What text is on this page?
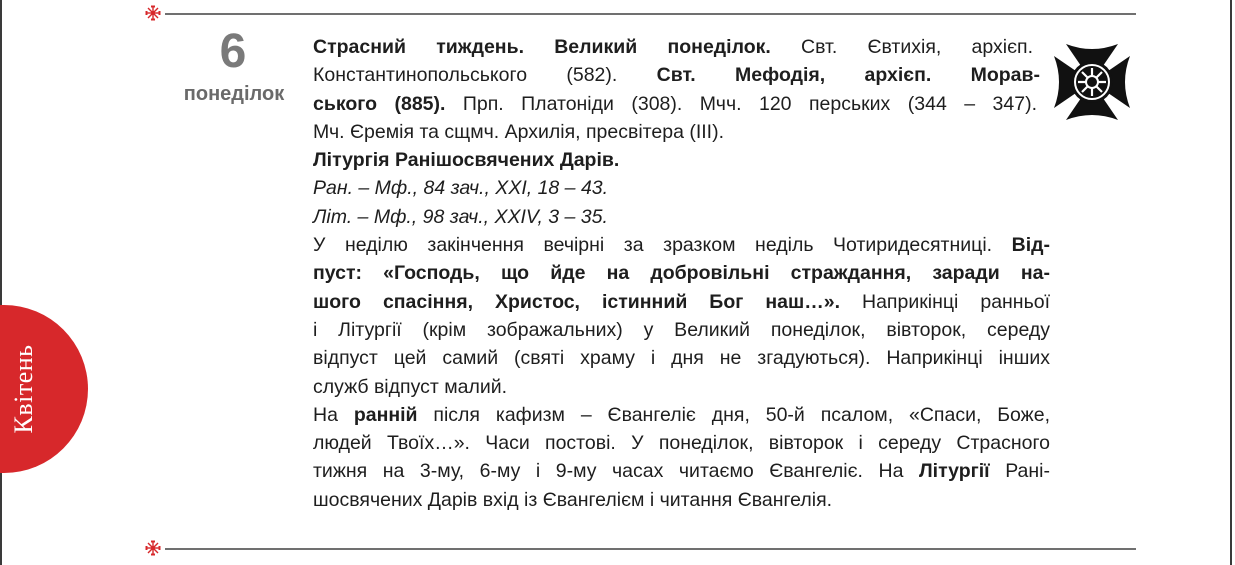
Квітень
6
понеділок
Страсний тиждень. Великий понеділок. Свт. Євтихія, архієп.
Константинопольського (582). Свт. Мефодія, архієп. Морав-
ського (885). Прп. Платоніди (308). Мчч. 120 перських (344 – 347).
Мч. Єремія та сщмч. Архилія, пресвітера (ІІІ).
Літургія Ранішосвячених Дарів.
Ран. – Мф., 84 зач., ХХІ, 18 – 43.
Літ. – Мф., 98 зач., ХХІV, 3 – 35.
У неділю закінчення вечірні за зразком неділь Чотиридесятниці. Від-
пуст: «Господь, що йде на добровільні страждання, заради на-
шого спасіння, Христос, істинний Бог наш…». Наприкінці ранньої
і Літургії (крім зображальних) у Великий понеділок, вівторок, середу
відпуст цей самий (святі храму і дня не згадуються). Наприкінці інших
служб відпуст малий.
На ранній після кафизм – Євангеліє дня, 50-й псалом, «Спаси, Боже,
людей Твоїх…». Часи постові. У понеділок, вівторок і середу Страсного
тижня на 3-му, 6-му і 9-му часах читаємо Євангеліє. На Літургії Рані-
шосвячених Дарів вхід із Євангелієм і читання Євангелія.
